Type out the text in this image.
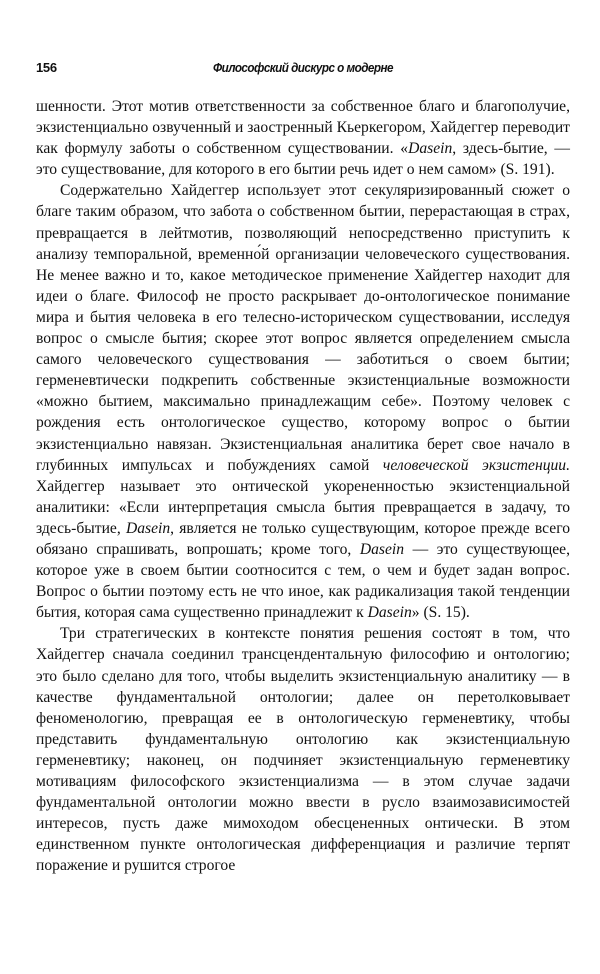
156	Философский дискурс о модерне

шенности. Этот мотив ответственности за собственное благо и благополучие, экзистенциально озвученный и заостренный Кьеркегором, Хайдеггер переводит как формулу заботы о собственном существовании. «Dasein, здесь-бытие, — это существование, для которого в его бытии речь идет о нем самом» (S. 191).

Содержательно Хайдеггер использует этот секуляризированный сюжет о благе таким образом, что забота о собственном бытии, перерастающая в страх, превращается в лейтмотив, позволяющий непосредственно приступить к анализу темпоральной, временно́й организации человеческого существования. Не менее важно и то, какое методическое применение Хайдеггер находит для идеи о благе. Философ не просто раскрывает до-онтологическое понимание мира и бытия человека в его телесно-историческом существовании, исследуя вопрос о смысле бытия; скорее этот вопрос является определением смысла самого человеческого существования — заботиться о своем бытии; герменевтически подкрепить собственные экзистенциальные возможности «можно бытием, максимально принадлежащим себе». Поэтому человек с рождения есть онтологическое существо, которому вопрос о бытии экзистенциально навязан. Экзистенциальная аналитика берет свое начало в глубинных импульсах и побуждениях самой человеческой экзистенции. Хайдеггер называет это онтической укорененностью экзистенциальной аналитики: «Если интерпретация смысла бытия превращается в задачу, то здесь-бытие, Dasein, является не только существующим, которое прежде всего обязано спрашивать, вопрошать; кроме того, Dasein — это существующее, которое уже в своем бытии соотносится с тем, о чем и будет задан вопрос. Вопрос о бытии поэтому есть не что иное, как радикализация такой тенденции бытия, которая сама существенно принадлежит к Dasein» (S. 15).

Три стратегических в контексте понятия решения состоят в том, что Хайдеггер сначала соединил трансцендентальную философию и онтологию; это было сделано для того, чтобы выделить экзистенциальную аналитику — в качестве фундаментальной онтологии; далее он перетолковывает феноменологию, превращая ее в онтологическую герменевтику, чтобы представить фундаментальную онтологию как экзистенциальную герменевтику; наконец, он подчиняет экзистенциальную герменевтику мотивациям философского экзистенциализма — в этом случае задачи фундаментальной онтологии можно ввести в русло взаимозависимостей интересов, пусть даже мимоходом обесцененных онтически. В этом единственном пункте онтологическая дифференциация и различие терпят поражение и рушится строгое
